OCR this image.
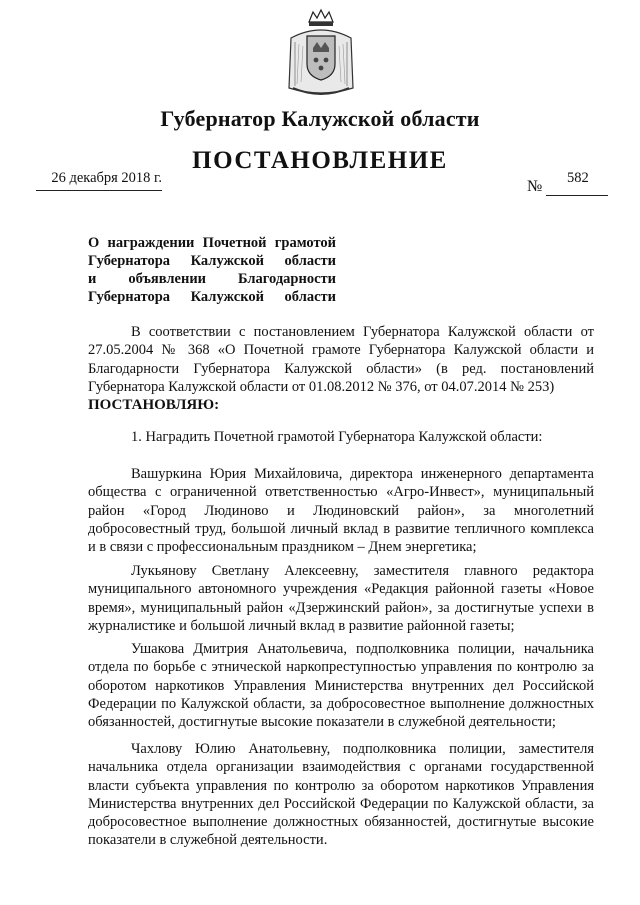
Губернатор Калужской области
ПОСТАНОВЛЕНИЕ
26 декабря 2018 г.	№ 582
О награждении Почетной грамотой
Губернатора Калужской области
и объявлении Благодарности
Губернатора Калужской области

В соответствии с постановлением Губернатора Калужской области от 27.05.2004 № 368 «О Почетной грамоте Губернатора Калужской области и Благодарности Губернатора Калужской области» (в ред. постановлений Губернатора Калужской области от 01.08.2012 № 376, от 04.07.2014 № 253)

ПОСТАНОВЛЯЮ:
1. Наградить Почетной грамотой Губернатора Калужской области:

Вашуркина Юрия Михайловича, директора инженерного департамента общества с ограниченной ответственностью «Агро-Инвест», муниципальный район «Город Людиново и Людиновский район», за многолетний добросовестный труд, большой личный вклад в развитие тепличного комплекса и в связи с профессиональным праздником – Днем энергетика;

Лукьянову Светлану Алексеевну, заместителя главного редактора муниципального автономного учреждения «Редакция районной газеты «Новое время», муниципальный район «Дзержинский район», за достигнутые успехи в журналистике и большой личный вклад в развитие районной газеты;

Ушакова Дмитрия Анатольевича, подполковника полиции, начальника отдела по борьбе с этнической наркопреступностью управления по контролю за оборотом наркотиков Управления Министерства внутренних дел Российской Федерации по Калужской области, за добросовестное выполнение должностных обязанностей, достигнутые высокие показатели в служебной деятельности;

Чахлову Юлию Анатольевну, подполковника полиции, заместителя начальника отдела организации взаимодействия с органами государственной власти субъекта управления по контролю за оборотом наркотиков Управления Министерства внутренних дел Российской Федерации по Калужской области, за добросовестное выполнение должностных обязанностей, достигнутые высокие показатели в служебной деятельности.
